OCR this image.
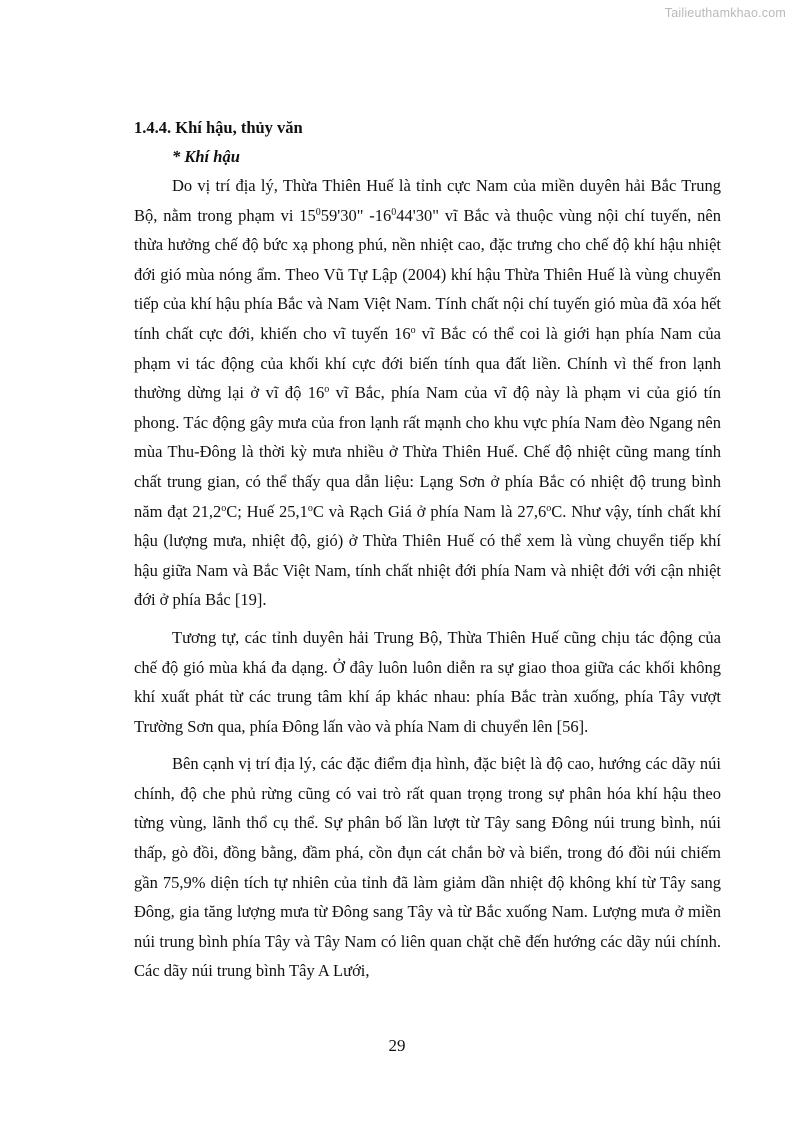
Tailieuthamkhao.com
1.4.4. Khí hậu, thủy văn
* Khí hậu

Do vị trí địa lý, Thừa Thiên Huế là tỉnh cực Nam của miền duyên hải Bắc Trung Bộ, nằm trong phạm vi $15^059'30$" $-16^044'30$" vĩ Bắc và thuộc vùng nội chí tuyến, nên thừa hưởng chế độ bức xạ phong phú, nền nhiệt cao, đặc trưng cho chế độ khí hậu nhiệt đới gió mùa nóng ẩm. Theo Vũ Tự Lập (2004) khí hậu Thừa Thiên Huế là vùng chuyển tiếp của khí hậu phía Bắc và Nam Việt Nam. Tính chất nội chí tuyến gió mùa đã xóa hết tính chất cực đới, khiến cho vĩ tuyến 16$^o$ vĩ Bắc có thể coi là giới hạn phía Nam của phạm vi tác động của khối khí cực đới biến tính qua đất liền. Chính vì thế fron lạnh thường dừng lại ở vĩ độ 16$^o$ vĩ Bắc, phía Nam của vĩ độ này là phạm vi của gió tín phong. Tác động gây mưa của fron lạnh rất mạnh cho khu vực phía Nam đèo Ngang nên mùa Thu-Đông là thời kỳ mưa nhiều ở Thừa Thiên Huế. Chế độ nhiệt cũng mang tính chất trung gian, có thể thấy qua dẫn liệu: Lạng Sơn ở phía Bắc có nhiệt độ trung bình năm đạt 21,2$^o$C; Huế 25,1$^o$C và Rạch Giá ở phía Nam là 27,6$^o$C. Như vậy, tính chất khí hậu (lượng mưa, nhiệt độ, gió) ở Thừa Thiên Huế có thể xem là vùng chuyển tiếp khí hậu giữa Nam và Bắc Việt Nam, tính chất nhiệt đới phía Nam và nhiệt đới với cận nhiệt đới ở phía Bắc [19].

Tương tự, các tỉnh duyên hải Trung Bộ, Thừa Thiên Huế cũng chịu tác động của chế độ gió mùa khá đa dạng. Ở đây luôn luôn diễn ra sự giao thoa giữa các khối không khí xuất phát từ các trung tâm khí áp khác nhau: phía Bắc tràn xuống, phía Tây vượt Trường Sơn qua, phía Đông lấn vào và phía Nam di chuyển lên [56].

Bên cạnh vị trí địa lý, các đặc điểm địa hình, đặc biệt là độ cao, hướng các dãy núi chính, độ che phủ rừng cũng có vai trò rất quan trọng trong sự phân hóa khí hậu theo từng vùng, lãnh thổ cụ thể. Sự phân bố lần lượt từ Tây sang Đông núi trung bình, núi thấp, gò đồi, đồng bằng, đầm phá, cồn đụn cát chắn bờ và biển, trong đó đồi núi chiếm gần 75,9% diện tích tự nhiên của tỉnh đã làm giảm dần nhiệt độ không khí từ Tây sang Đông, gia tăng lượng mưa từ Đông sang Tây và từ Bắc xuống Nam. Lượng mưa ở miền núi trung bình phía Tây và Tây Nam có liên quan chặt chẽ đến hướng các dãy núi chính. Các dãy núi trung bình Tây A Lưới,

29
